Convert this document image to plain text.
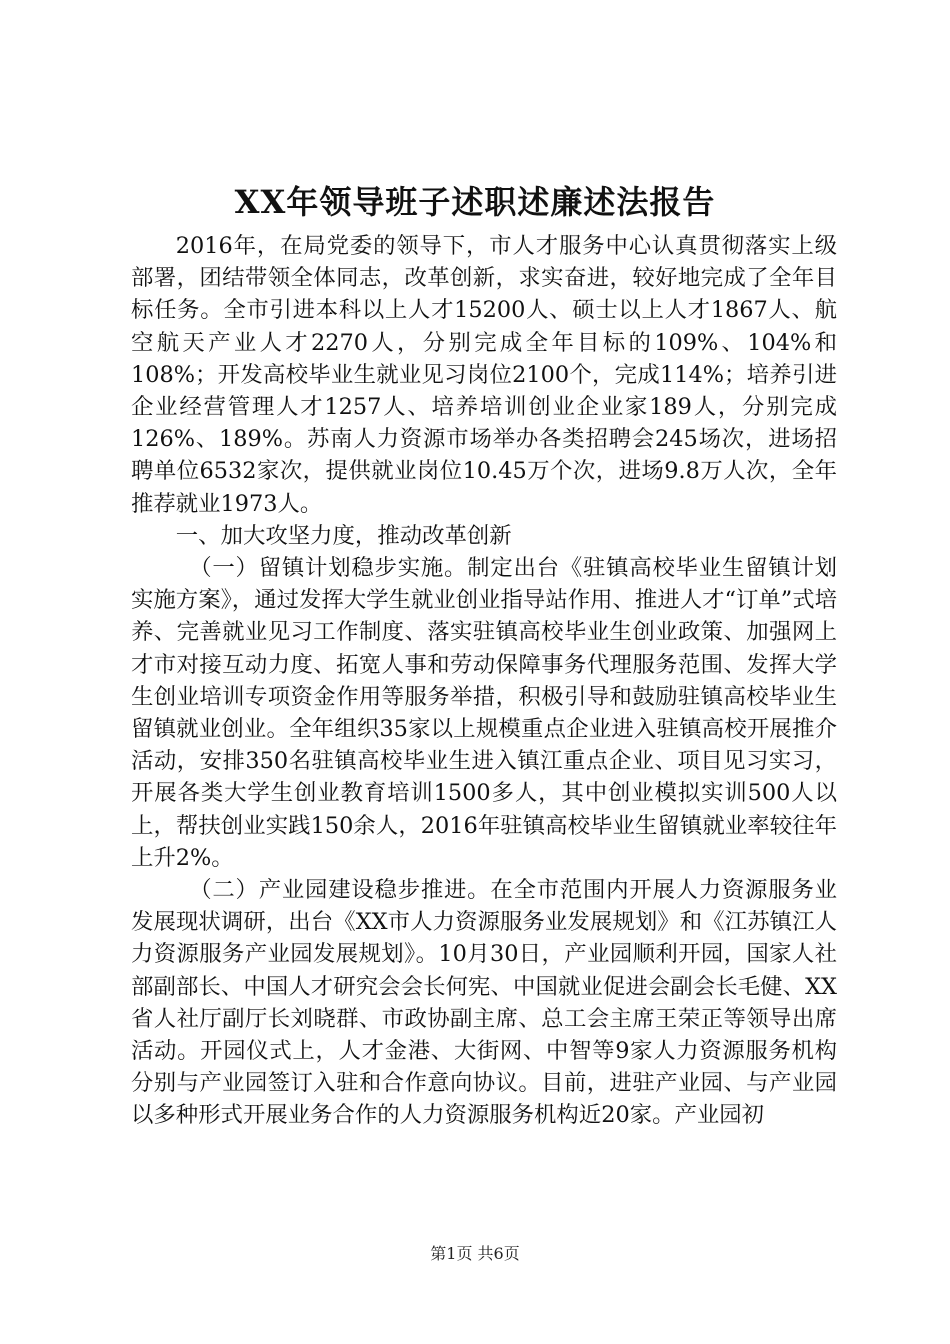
XX年领导班子述职述廉述法报告

2016年，在局党委的领导下，市人才服务中心认真贯彻落实上级部署，团结带领全体同志，改革创新，求实奋进，较好地完成了全年目标任务。全市引进本科以上人才15200人、硕士以上人才1867人、航空航天产业人才2270人，分别完成全年目标的109%、104%和108%；开发高校毕业生就业见习岗位2100个，完成114%；培养引进企业经营管理人才1257人、培养培训创业企业家189人，分别完成126%、189%。苏南人力资源市场举办各类招聘会245场次，进场招聘单位6532家次，提供就业岗位10.45万个次，进场9.8万人次，全年推荐就业1973人。

一、加大攻坚力度，推动改革创新

（一）留镇计划稳步实施。制定出台《驻镇高校毕业生留镇计划实施方案》，通过发挥大学生就业创业指导站作用、推进人才“订单”式培养、完善就业见习工作制度、落实驻镇高校毕业生创业政策、加强网上才市对接互动力度、拓宽人事和劳动保障事务代理服务范围、发挥大学生创业培训专项资金作用等服务举措，积极引导和鼓励驻镇高校毕业生留镇就业创业。全年组织35家以上规模重点企业进入驻镇高校开展推介活动，安排350名驻镇高校毕业生进入镇江重点企业、项目见习实习，开展各类大学生创业教育培训1500多人，其中创业模拟实训500人以上，帮扶创业实践150余人，2016年驻镇高校毕业生留镇就业率较往年上升2%。

（二）产业园建设稳步推进。在全市范围内开展人力资源服务业发展现状调研，出台《XX市人力资源服务业发展规划》和《江苏镇江人力资源服务产业园发展规划》。10月30日，产业园顺利开园，国家人社部副部长、中国人才研究会会长何宪、中国就业促进会副会长毛健、XX省人社厅副厅长刘晓群、市政协副主席、总工会主席王荣正等领导出席活动。开园仪式上，人才金港、大街网、中智等9家人力资源服务机构分别与产业园签订入驻和合作意向协议。目前，进驻产业园、与产业园以多种形式开展业务合作的人力资源服务机构近20家。产业园初

第1页 共6页
